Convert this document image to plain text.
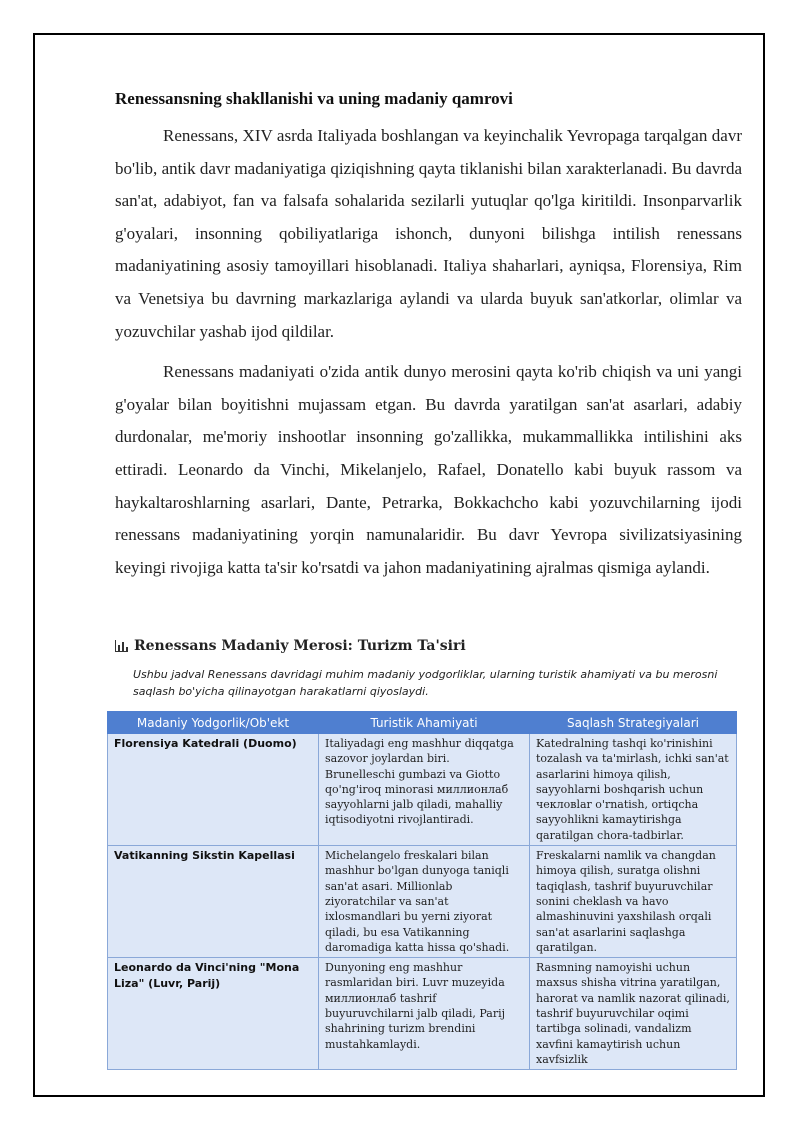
Renessansning shakllanishi va uning madaniy qamrovi

Renessans, XIV asrda Italiyada boshlangan va keyinchalik Yevropaga tarqalgan davr bo'lib, antik davr madaniyatiga qiziqishning qayta tiklanishi bilan xarakterlanadi. Bu davrda san'at, adabiyot, fan va falsafa sohalarida sezilarli yutuqlar qo'lga kiritildi. Insonparvarlik g'oyalari, insonning qobiliyatlariga ishonch, dunyoni bilishga intilish renessans madaniyatining asosiy tamoyillari hisoblanadi. Italiya shaharlari, ayniqsa, Florensiya, Rim va Venetsiya bu davrning markazlariga aylandi va ularda buyuk san'atkorlar, olimlar va yozuvchilar yashab ijod qildilar.

Renessans madaniyati o'zida antik dunyo merosini qayta ko'rib chiqish va uni yangi g'oyalar bilan boyitishni mujassam etgan. Bu davrda yaratilgan san'at asarlari, adabiy durdonalar, me'moriy inshootlar insonning go'zallikka, mukammallikka intilishini aks ettiradi. Leonardo da Vinchi, Mikelanjelo, Rafael, Donatello kabi buyuk rassom va haykaltaroshlarning asarlari, Dante, Petrarka, Bokkachcho kabi yozuvchilarning ijodi renessans madaniyatining yorqin namunalaridir. Bu davr Yevropa sivilizatsiyasining keyingi rivojiga katta ta'sir ko'rsatdi va jahon madaniyatining ajralmas qismiga aylandi.

Renessans Madaniy Merosi: Turizm Ta'siri
Ushbu jadval Renessans davridagi muhim madaniy yodgorliklar, ularning turistik ahamiyati va bu merosni saqlash bo'yicha qilinayotgan harakatlarni qiyoslaydi.
Madaniy Yodgorlik/Ob'ekt	Turistik Ahamiyati	Saqlash Strategiyalari
Florensiya Katedrali (Duomo)	Italiyadagi eng mashhur diqqatga sazovor joylardan biri. Brunelleschi gumbazi va Giotto qo'ng'iroq minorasi миллионлаб sayyohlarni jalb qiladi, mahalliy iqtisodiyotni rivojlantiradi.	Katedralning tashqi ko'rinishini tozalash va ta'mirlash, ichki san'at asarlarini himoya qilish, sayyohlarni boshqarish uchun чекловlar o'rnatish, ortiqcha sayyohlikni kamaytirishga qaratilgan chora-tadbirlar.
Vatikanning Sikstin Kapellasi	Michelangelo freskalari bilan mashhur bo'lgan dunyoga taniqli san'at asari. Millionlab ziyoratchilar va san'at ixlosmandlari bu yerni ziyorat qiladi, bu esa Vatikanning daromadiga katta hissa qo'shadi.	Freskalarni namlik va changdan himoya qilish, suratga olishni taqiqlash, tashrif buyuruvchilar sonini cheklash va havo almashinuvini yaxshilash orqali san'at asarlarini saqlashga qaratilgan.
Leonardo da Vinci'ning "Mona Liza" (Luvr, Parij)	Dunyoning eng mashhur rasmlaridan biri. Luvr muzeyida миллионлаб tashrif buyuruvchilarni jalb qiladi, Parij shahrining turizm brendini mustahkamlaydi.	Rasmning namoyishi uchun maxsus shisha vitrina yaratilgan, harorat va namlik nazorat qilinadi, tashrif buyuruvchilar oqimi tartibga solinadi, vandalizm xavfini kamaytirish uchun xavfsizlik
